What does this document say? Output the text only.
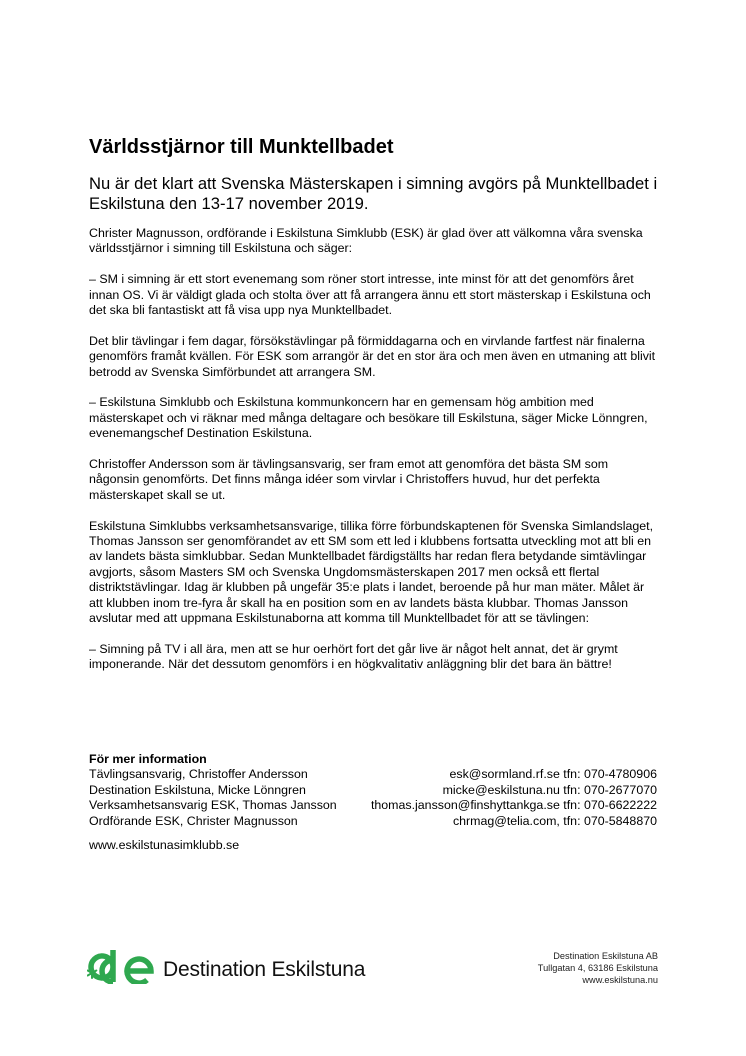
Världsstjärnor till Munktellbadet

Nu är det klart att Svenska Mästerskapen i simning avgörs på Munktellbadet i Eskilstuna den 13-17 november 2019.

Christer Magnusson, ordförande i Eskilstuna Simklubb (ESK) är glad över att välkomna våra svenska världsstjärnor i simning till Eskilstuna och säger:

– SM i simning är ett stort evenemang som röner stort intresse, inte minst för att det genomförs året innan OS. Vi är väldigt glada och stolta över att få arrangera ännu ett stort mästerskap i Eskilstuna och det ska bli fantastiskt att få visa upp nya Munktellbadet.

Det blir tävlingar i fem dagar, försökstävlingar på förmiddagarna och en virvlande fartfest när finalerna genomförs framåt kvällen. För ESK som arrangör är det en stor ära och men även en utmaning att blivit betrodd av Svenska Simförbundet att arrangera SM.

– Eskilstuna Simklubb och Eskilstuna kommunkoncern har en gemensam hög ambition med mästerskapet och vi räknar med många deltagare och besökare till Eskilstuna, säger Micke Lönngren, evenemangschef Destination Eskilstuna.

Christoffer Andersson som är tävlingsansvarig, ser fram emot att genomföra det bästa SM som någonsin genomförts. Det finns många idéer som virvlar i Christoffers huvud, hur det perfekta mästerskapet skall se ut.

Eskilstuna Simklubbs verksamhetsansvarige, tillika förre förbundskaptenen för Svenska Simlandslaget, Thomas Jansson ser genomförandet av ett SM som ett led i klubbens fortsatta utveckling mot att bli en av landets bästa simklubbar. Sedan Munktellbadet färdigställts har redan flera betydande simtävlingar avgjorts, såsom Masters SM och Svenska Ungdomsmästerskapen 2017 men också ett flertal distriktstävlingar. Idag är klubben på ungefär 35:e plats i landet, beroende på hur man mäter. Målet är att klubben inom tre-fyra år skall ha en position som en av landets bästa klubbar. Thomas Jansson avslutar med att uppmana Eskilstunaborna att komma till Munktellbadet för att se tävlingen:

– Simning på TV i all ära, men att se hur oerhört fort det går live är något helt annat, det är grymt imponerande. När det dessutom genomförs i en högkvalitativ anläggning blir det bara än bättre!

För mer information

Tävlingsansvarig, Christoffer Andersson	esk@sormland.rf.se tfn: 070-4780906
Destination Eskilstuna, Micke Lönngren	micke@eskilstuna.nu tfn: 070-2677070
Verksamhetsansvarig ESK, Thomas Jansson	thomas.jansson@finshyttankga.se tfn: 070-6622222
Ordförande ESK, Christer Magnusson	chrmag@telia.com, tfn: 070-5848870
www.eskilstunasimklubb.se
Destination Eskilstuna
Destination Eskilstuna AB
Tullgatan 4, 63186 Eskilstuna
www.eskilstuna.nu
